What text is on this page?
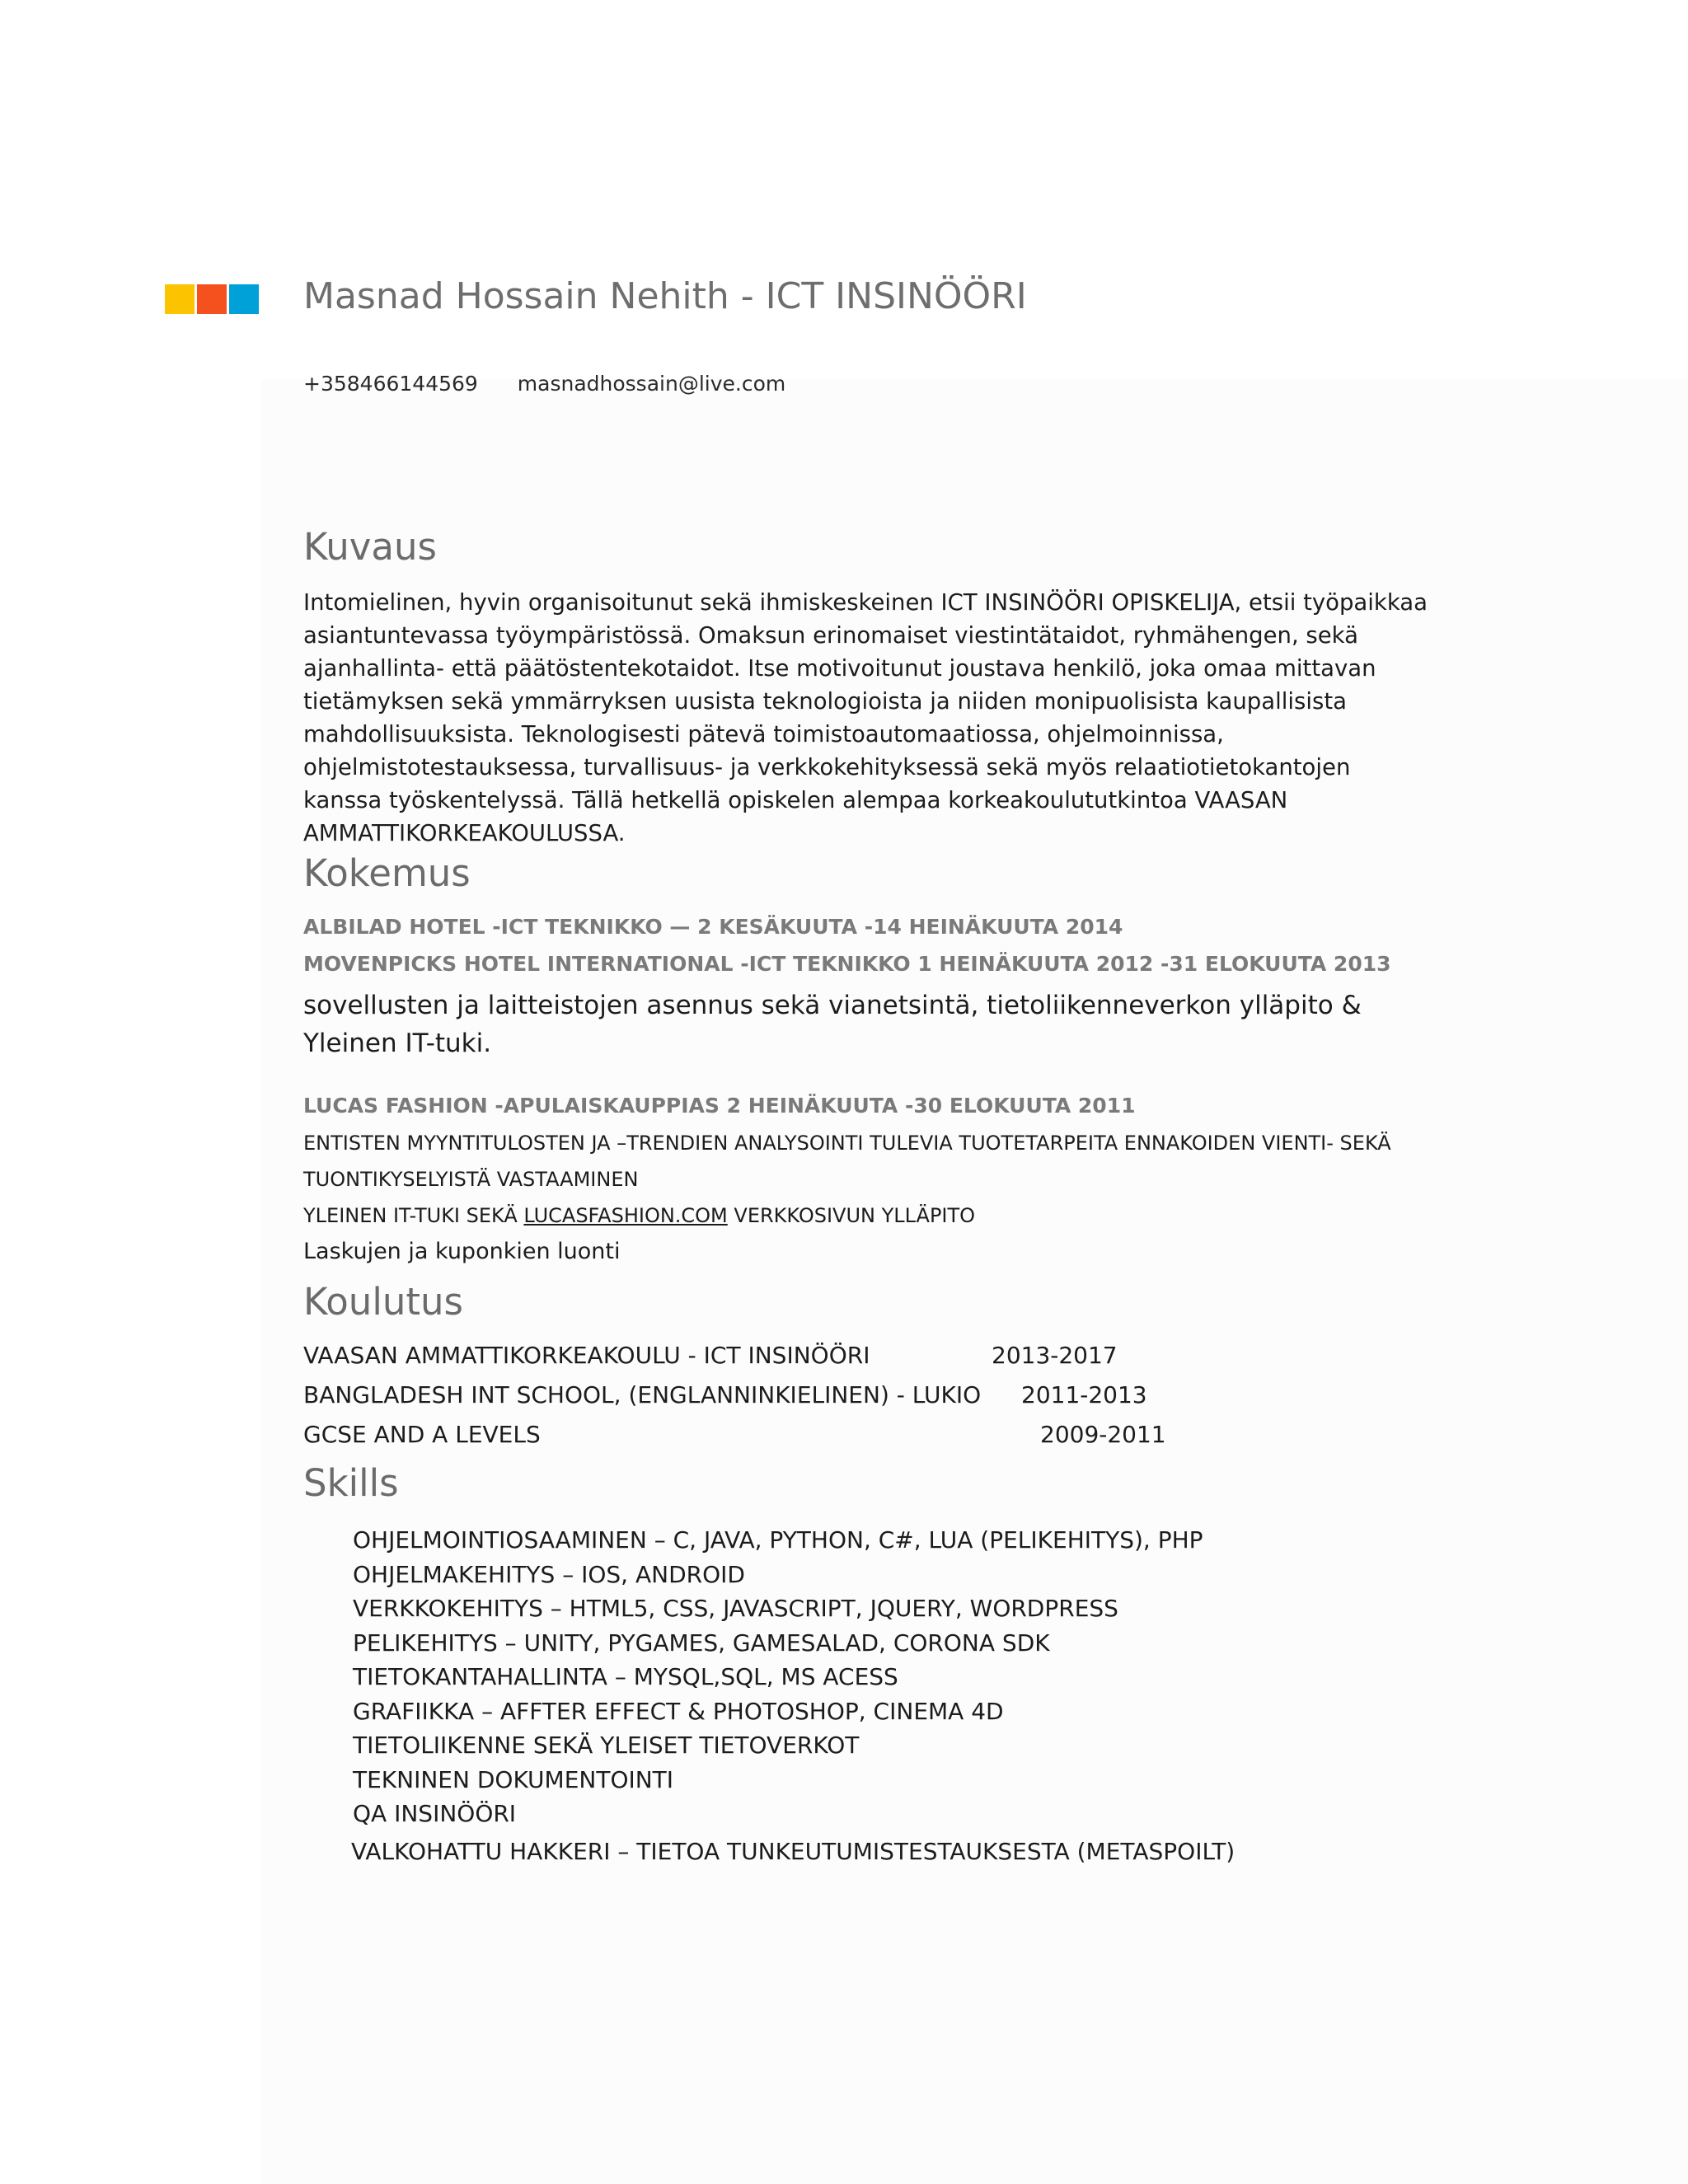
Masnad Hossain Nehith - ICT INSINÖÖRI
+358466144569 masnadhossain@live.com
Kuvaus

Intomielinen, hyvin organisoitunut sekä ihmiskeskeinen ICT INSINÖÖRI OPISKELIJA, etsii työpaikkaa asiantuntevassa työympäristössä. Omaksun erinomaiset viestintätaidot, ryhmähengen, sekä ajanhallinta- että päätöstentekotaidot. Itse motivoitunut joustava henkilö, joka omaa mittavan tietämyksen sekä ymmärryksen uusista teknologioista ja niiden monipuolisista kaupallisista mahdollisuuksista. Teknologisesti pätevä toimistoautomaatiossa, ohjelmoinnissa, ohjelmistotestauksessa, turvallisuus- ja verkkokehityksessä sekä myös relaatiotietokantojen kanssa työskentelyssä. Tällä hetkellä opiskelen alempaa korkeakoulututkintoa VAASAN AMMATTIKORKEAKOULUSSA.

Kokemus

ALBILAD HOTEL -ICT TEKNIKKO — 2 KESÄKUUTA -14 HEINÄKUUTA 2014

MOVENPICKS HOTEL INTERNATIONAL -ICT TEKNIKKO 1 HEINÄKUUTA 2012 -31 ELOKUUTA 2013

sovellusten ja laitteistojen asennus sekä vianetsintä, tietoliikenneverkon ylläpito & Yleinen IT-tuki.

LUCAS FASHION -APULAISKAUPPIAS 2 HEINÄKUUTA -30 ELOKUUTA 2011

ENTISTEN MYYNTITULOSTEN JA –TRENDIEN ANALYSOINTI TULEVIA TUOTETARPEITA ENNAKOIDEN VIENTI- SEKÄ TUONTIKYSELYISTÄ VASTAAMINEN

YLEINEN IT-TUKI SEKÄ LUCASFASHION.COM VERKKOSIVUN YLLÄPITO

Laskujen ja kuponkien luonti

Koulutus
VAASAN AMMATTIKORKEAKOULU - ICT INSINÖÖRI	2013-2017
BANGLADESH INT SCHOOL, (ENGLANNINKIELINEN) - LUKIO 2011-2013
GCSE AND A LEVELS	2009-2011
Skills
OHJELMOINTIOSAAMINEN – C, JAVA, PYTHON, C#, LUA (PELIKEHITYS), PHP
OHJELMAKEHITYS – IOS, ANDROID
VERKKOKEHITYS – HTML5, CSS, JAVASCRIPT, JQUERY, WORDPRESS
PELIKEHITYS – UNITY, PYGAMES, GAMESALAD, CORONA SDK
TIETOKANTAHALLINTA – MYSQL,SQL, MS ACESS
GRAFIIKKA – AFFTER EFFECT & PHOTOSHOP, CINEMA 4D
TIETOLIIKENNE SEKÄ YLEISET TIETOVERKOT
TEKNINEN DOKUMENTOINTI
QA INSINÖÖRI
VALKOHATTU HAKKERI – TIETOA TUNKEUTUMISTESTAUKSESTA (METASPOILT)
